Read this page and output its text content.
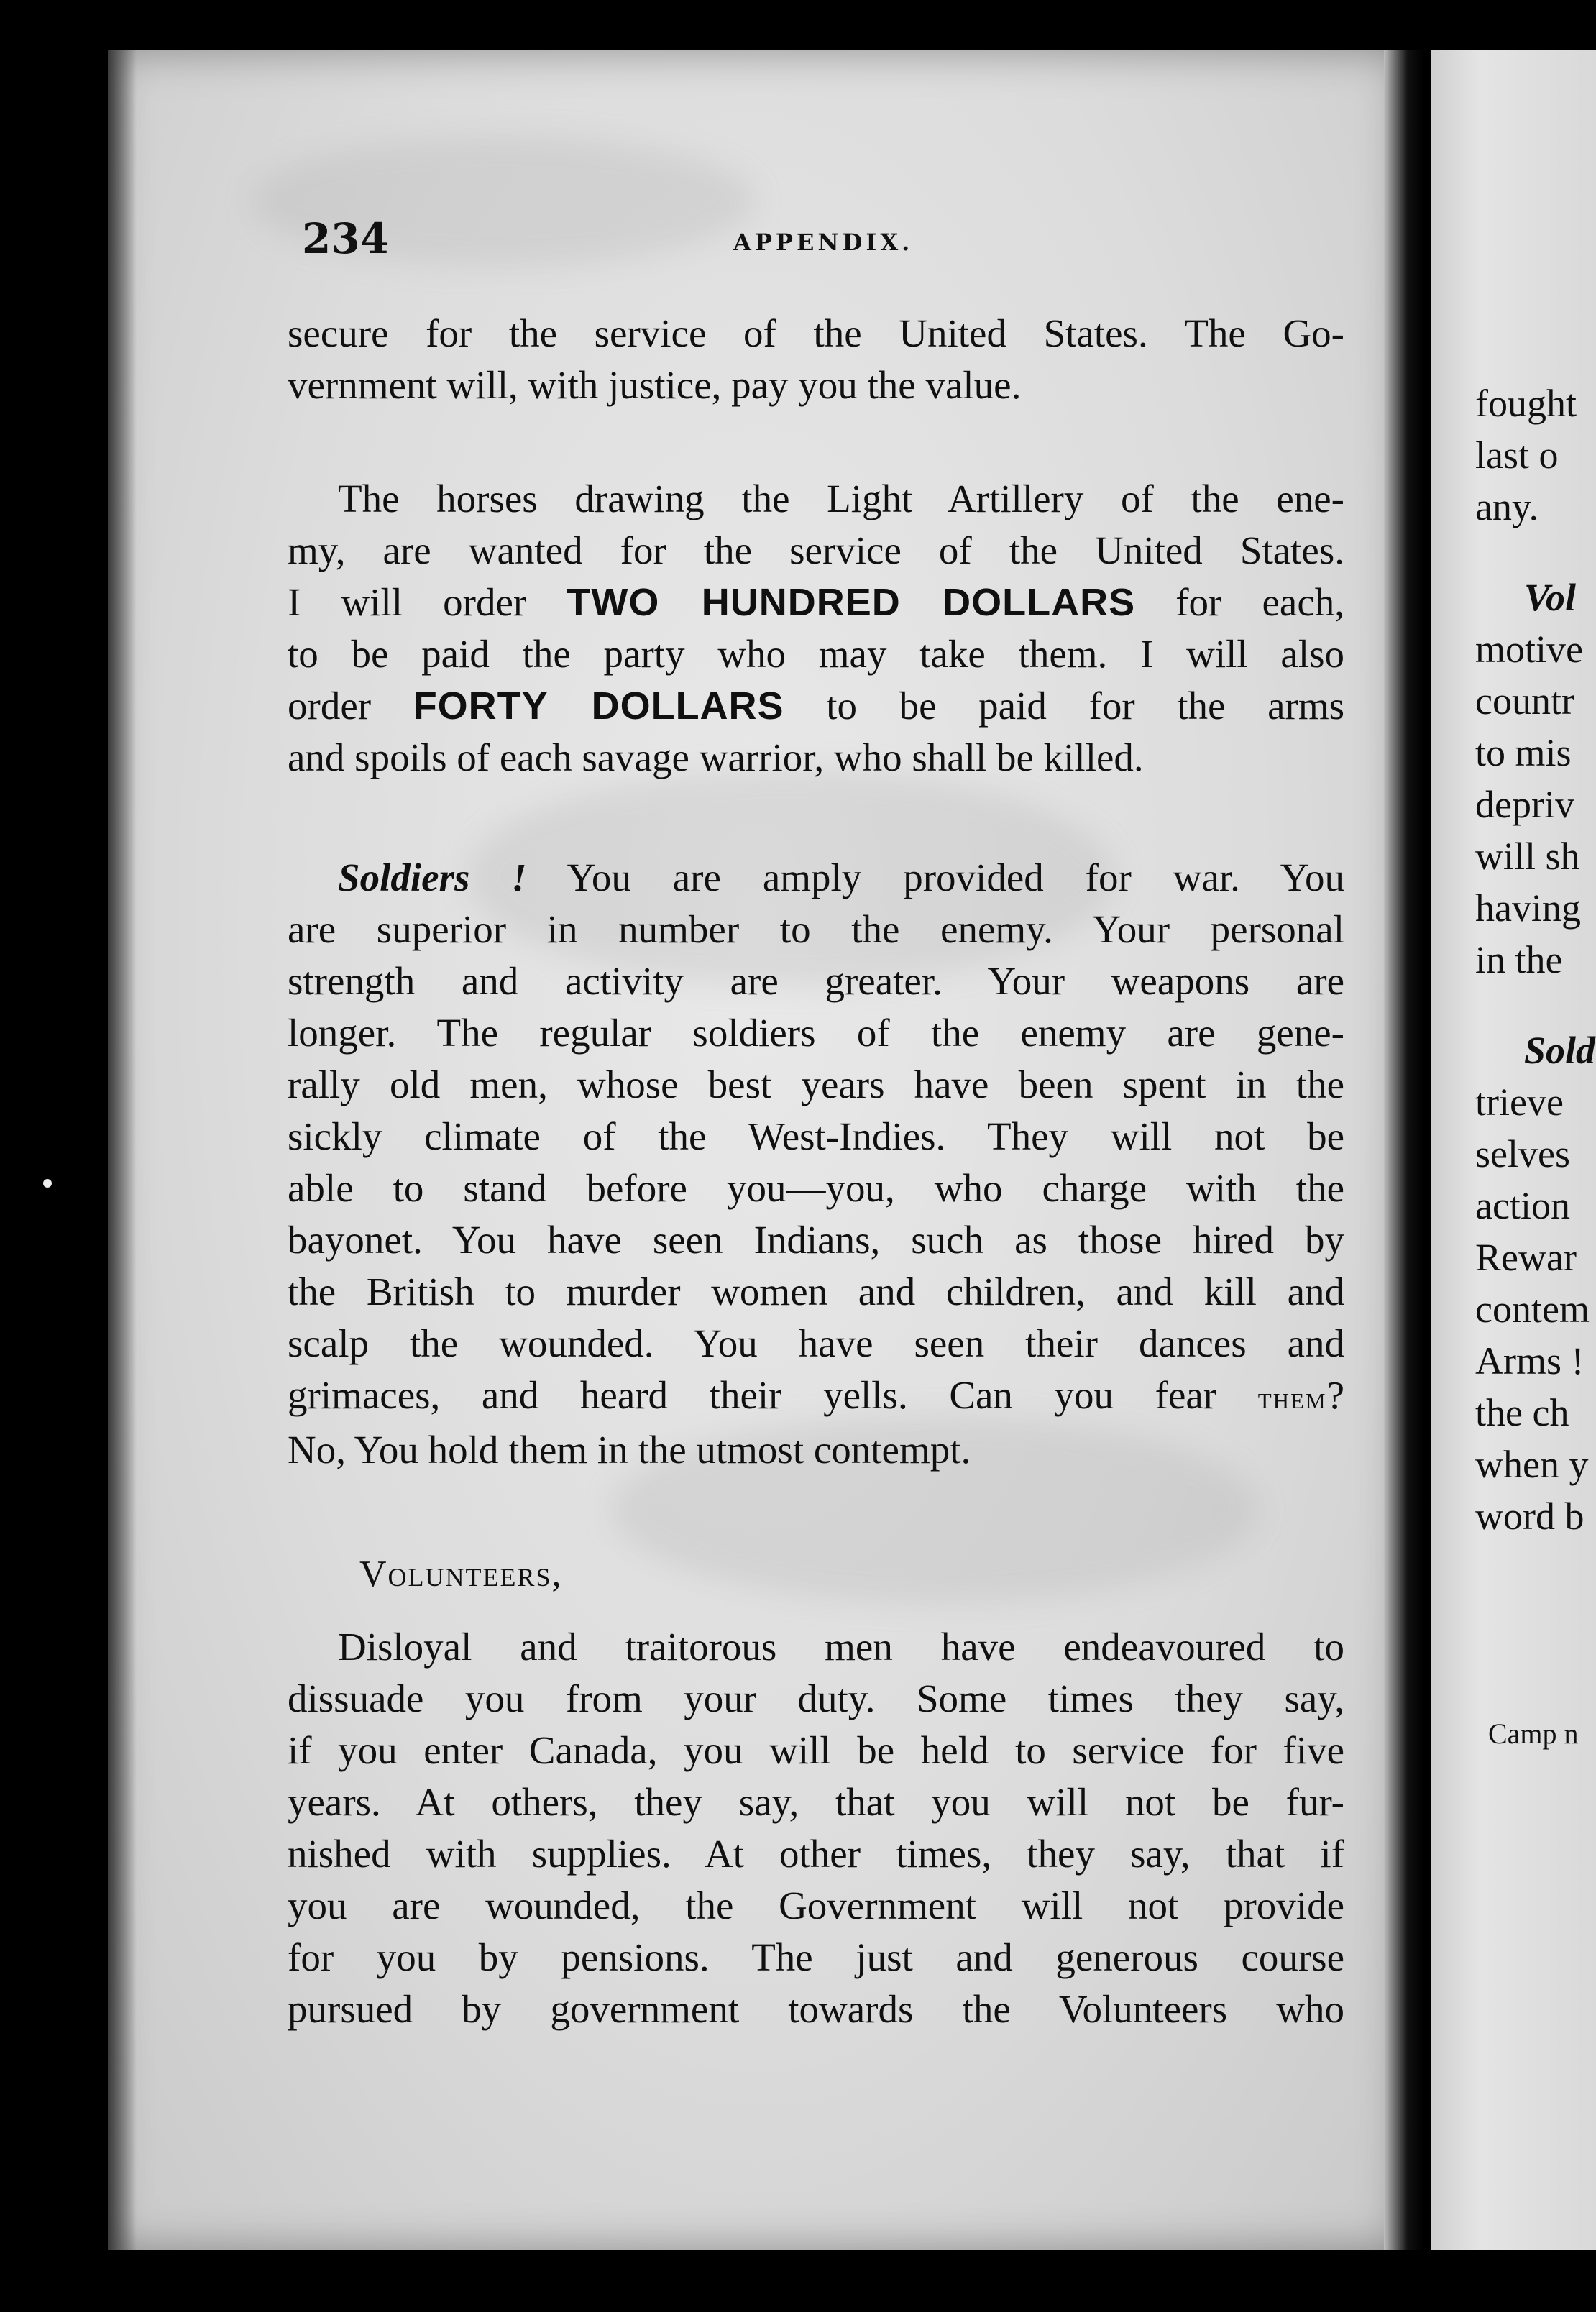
fought
last o
any.
Vol
motive
countr
to mis
depriv
will sh
having
in the
Sold
trieve
selves
action
Rewar
contem
Arms !
the ch
when y
word b
Camp n
234	APPENDIX.
secure for the service of the United States. The Go-
vernment will, with justice, pay you the value.
The horses drawing the Light Artillery of the ene-
my, are wanted for the service of the United States.
I will order TWO HUNDRED DOLLARS for each,
to be paid the party who may take them. I will also
order FORTY DOLLARS to be paid for the arms
and spoils of each savage warrior, who shall be killed.
Soldiers ! You are amply provided for war. You
are superior in number to the enemy. Your personal
strength and activity are greater. Your weapons are
longer. The regular soldiers of the enemy are gene-
rally old men, whose best years have been spent in the
sickly climate of the West-Indies. They will not be
able to stand before you—you, who charge with the
bayonet. You have seen Indians, such as those hired by
the British to murder women and children, and kill and
scalp the wounded. You have seen their dances and
grimaces, and heard their yells. Can you fear them?
No, You hold them in the utmost contempt.
Volunteers,
Disloyal and traitorous men have endeavoured to
dissuade you from your duty. Some times they say,
if you enter Canada, you will be held to service for five
years. At others, they say, that you will not be fur-
nished with supplies. At other times, they say, that if
you are wounded, the Government will not provide
for you by pensions. The just and generous course
pursued by government towards the Volunteers who
